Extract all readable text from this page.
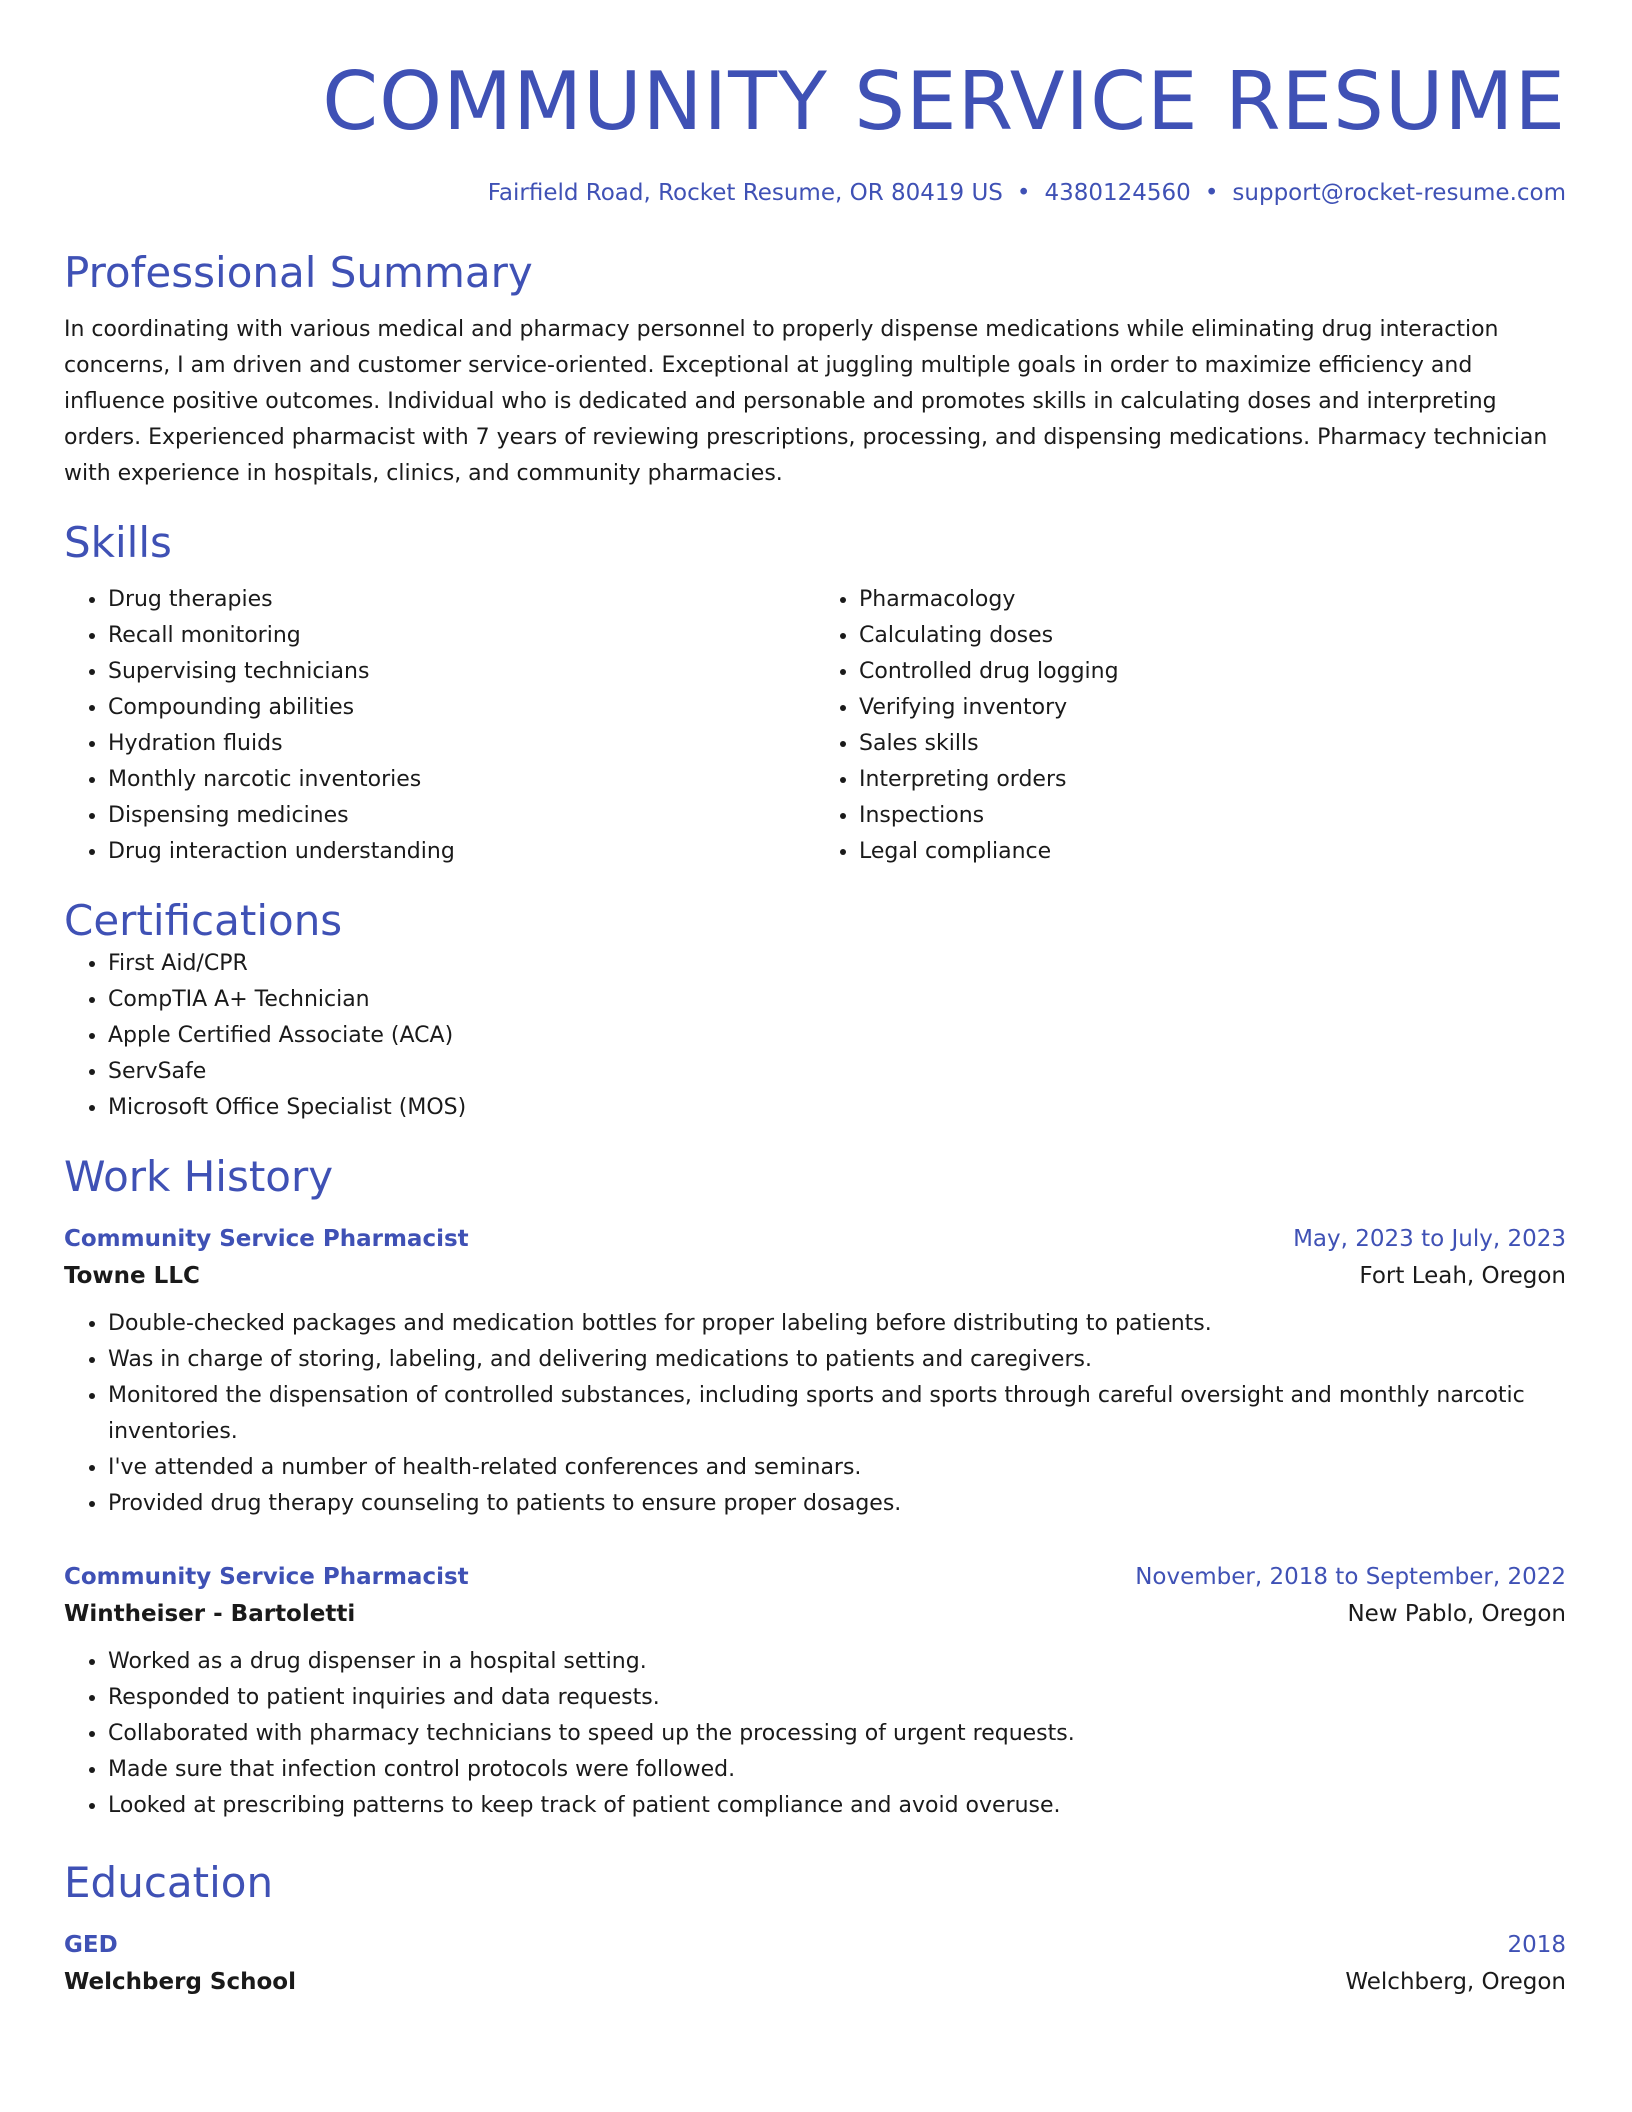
COMMUNITY SERVICE RESUME
Fairfield Road, Rocket Resume, OR 80419 US • 4380124560 • support@rocket-resume.com
Professional Summary
In coordinating with various medical and pharmacy personnel to properly dispense medications while eliminating drug interaction concerns, I am driven and customer service-oriented. Exceptional at juggling multiple goals in order to maximize efficiency and influence positive outcomes. Individual who is dedicated and personable and promotes skills in calculating doses and interpreting orders. Experienced pharmacist with 7 years of reviewing prescriptions, processing, and dispensing medications. Pharmacy technician with experience in hospitals, clinics, and community pharmacies.
Skills
• Drug therapies
• Recall monitoring
• Supervising technicians
• Compounding abilities
• Hydration fluids
• Monthly narcotic inventories
• Dispensing medicines
• Drug interaction understanding
• Pharmacology
• Calculating doses
• Controlled drug logging
• Verifying inventory
• Sales skills
• Interpreting orders
• Inspections
• Legal compliance
Certifications
• First Aid/CPR
• CompTIA A+ Technician
• Apple Certified Associate (ACA)
• ServSafe
• Microsoft Office Specialist (MOS)
Work History
Community Service Pharmacist	May, 2023 to July, 2023
Towne LLC	Fort Leah, Oregon
• Double-checked packages and medication bottles for proper labeling before distributing to patients.
• Was in charge of storing, labeling, and delivering medications to patients and caregivers.
• Monitored the dispensation of controlled substances, including sports and sports through careful oversight and monthly narcotic inventories.
• I've attended a number of health-related conferences and seminars.
• Provided drug therapy counseling to patients to ensure proper dosages.
Community Service Pharmacist	November, 2018 to September, 2022
Wintheiser - Bartoletti	New Pablo, Oregon
• Worked as a drug dispenser in a hospital setting.
• Responded to patient inquiries and data requests.
• Collaborated with pharmacy technicians to speed up the processing of urgent requests.
• Made sure that infection control protocols were followed.
• Looked at prescribing patterns to keep track of patient compliance and avoid overuse.
Education
GED	2018
Welchberg School	Welchberg, Oregon
